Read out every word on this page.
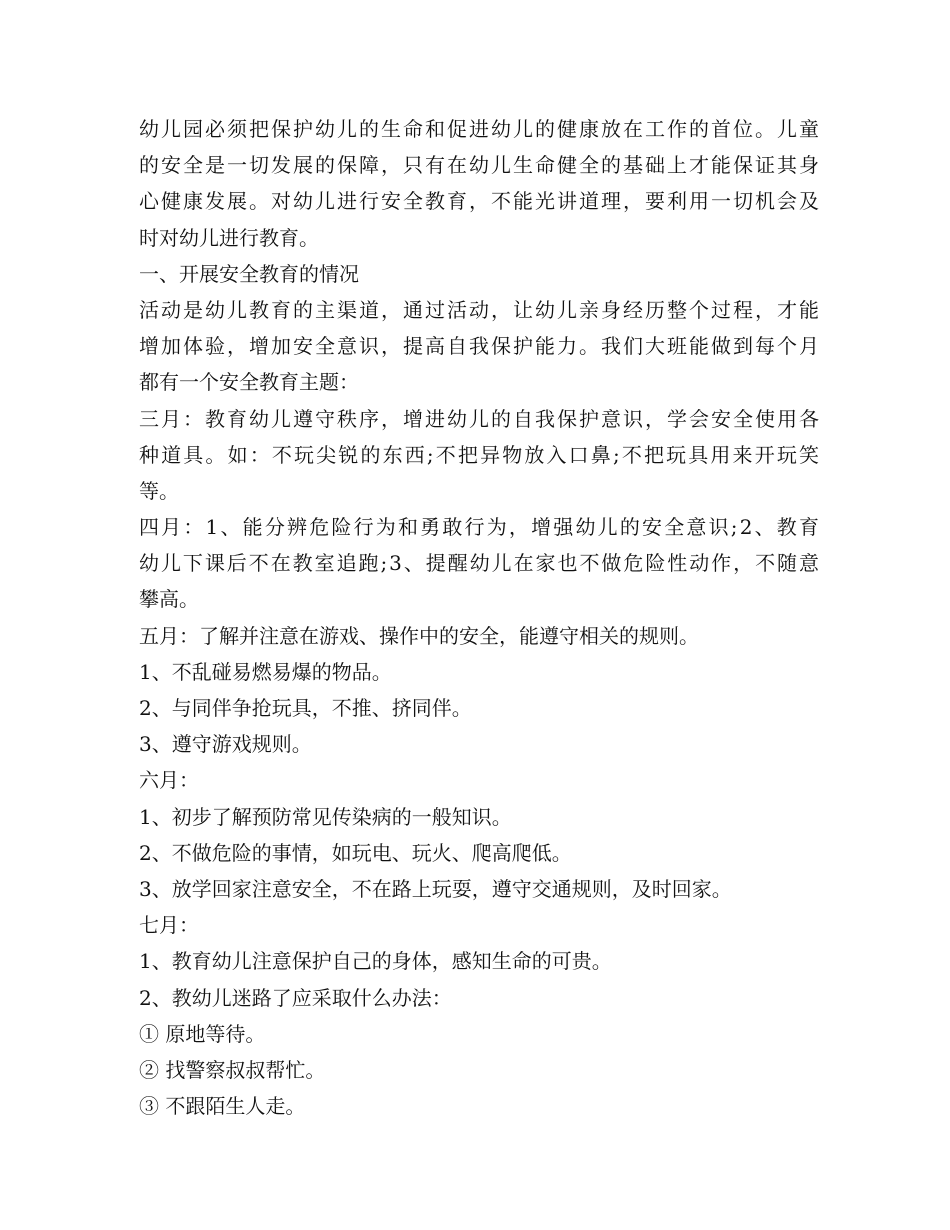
幼儿园必须把保护幼儿的生命和促进幼儿的健康放在工作的首位。儿童
的安全是一切发展的保障，只有在幼儿生命健全的基础上才能保证其身
心健康发展。对幼儿进行安全教育，不能光讲道理，要利用一切机会及
时对幼儿进行教育。
一、开展安全教育的情况
活动是幼儿教育的主渠道，通过活动，让幼儿亲身经历整个过程，才能
增加体验，增加安全意识，提高自我保护能力。我们大班能做到每个月
都有一个安全教育主题：
三月：教育幼儿遵守秩序，增进幼儿的自我保护意识，学会安全使用各
种道具。如：不玩尖锐的东西;不把异物放入口鼻;不把玩具用来开玩笑
等。
四月：1、能分辨危险行为和勇敢行为，增强幼儿的安全意识;2、教育
幼儿下课后不在教室追跑;3、提醒幼儿在家也不做危险性动作，不随意
攀高。
五月：了解并注意在游戏、操作中的安全，能遵守相关的规则。
1、不乱碰易燃易爆的物品。
2、与同伴争抢玩具，不推、挤同伴。
3、遵守游戏规则。
六月：
1、初步了解预防常见传染病的一般知识。
2、不做危险的事情，如玩电、玩火、爬高爬低。
3、放学回家注意安全，不在路上玩耍，遵守交通规则，及时回家。
七月：
1、教育幼儿注意保护自己的身体，感知生命的可贵。
2、教幼儿迷路了应采取什么办法：
① 原地等待。
② 找警察叔叔帮忙。
③ 不跟陌生人走。
